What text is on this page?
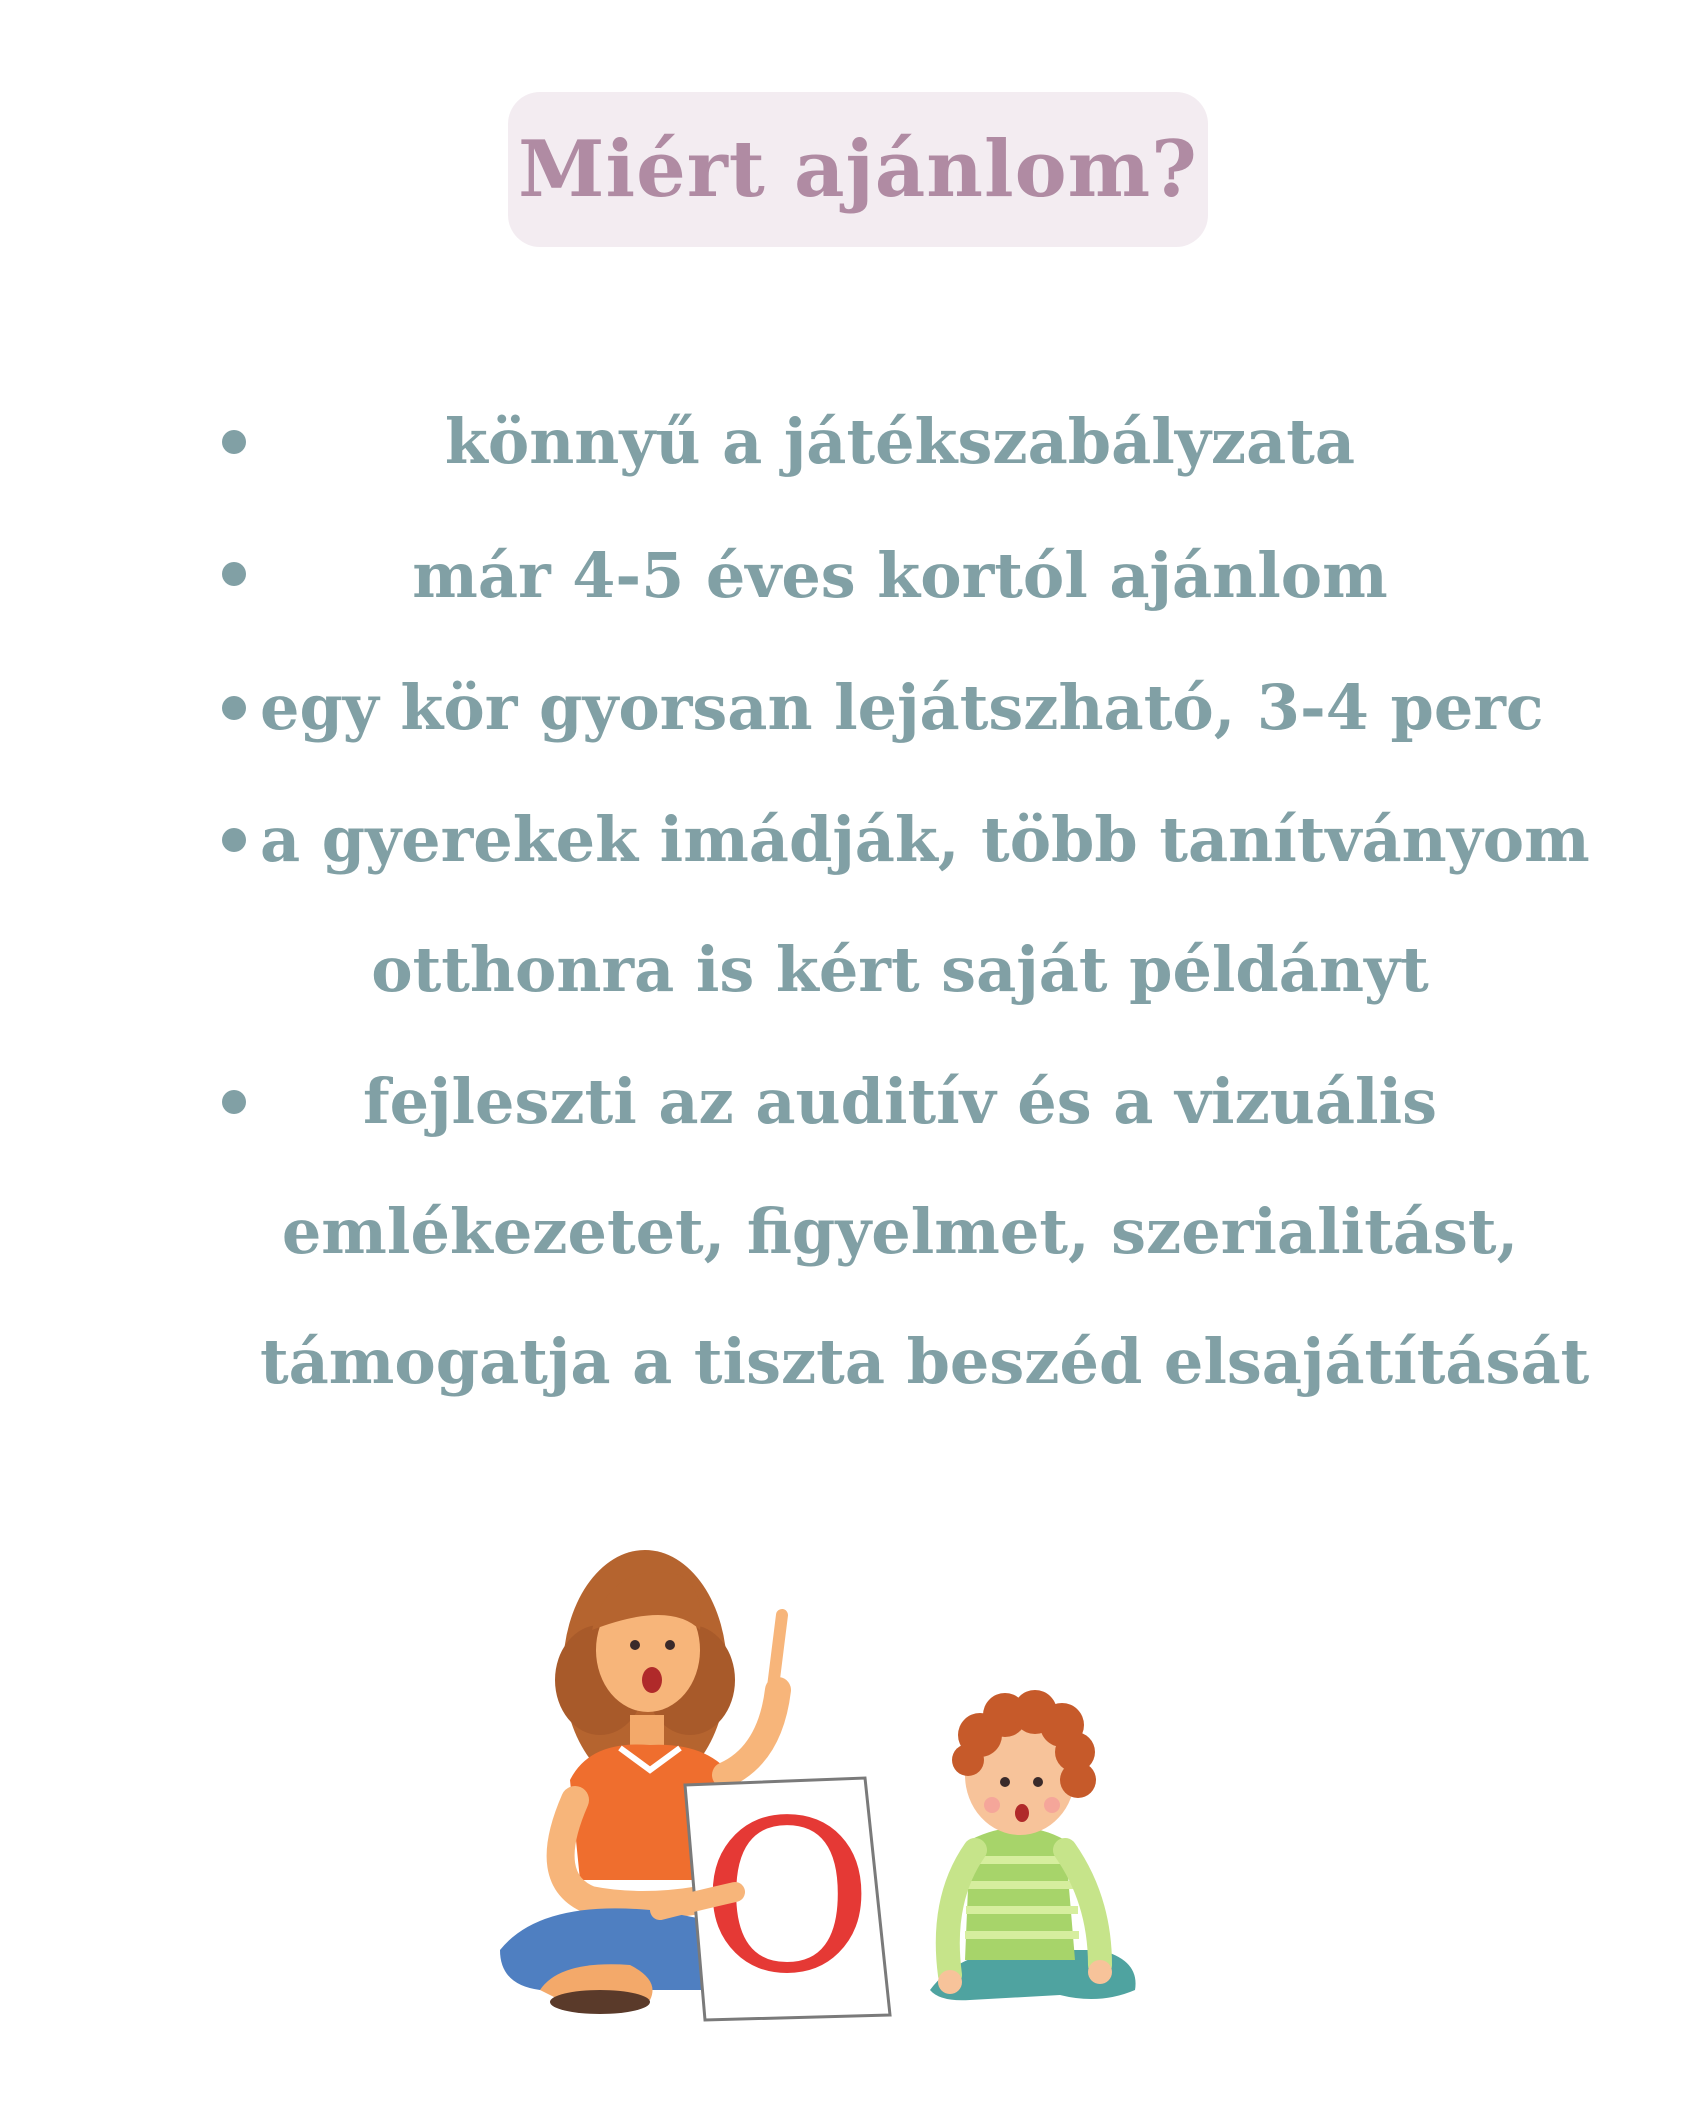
Miért ajánlom?
könnyű a játékszabályzata
már 4-5 éves kortól ajánlom
egy kör gyorsan lejátszható, 3-4 perc
a gyerekek imádják, több tanítványom
otthonra is kért saját példányt
fejleszti az auditív és a vizuális
emlékezetet, figyelmet, szerialitást,
támogatja a tiszta beszéd elsajátítását
O
